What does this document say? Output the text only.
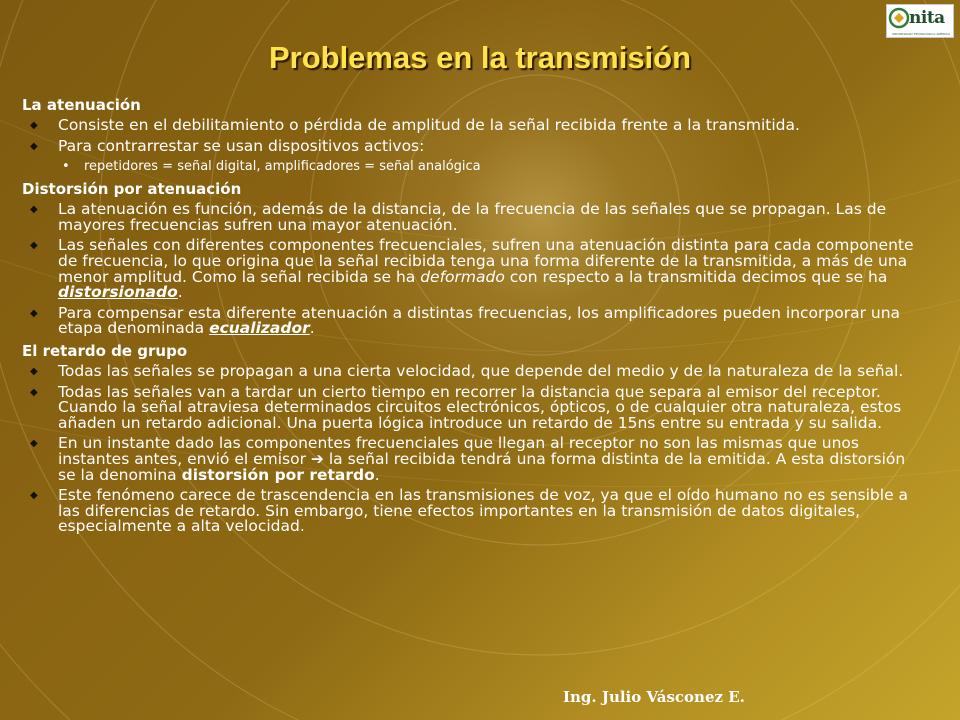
nita
UNIVERSIDAD TECNOLÓGICA AMÉRICA
Problemas en la transmisión
La atenuación
◆ Consiste en el debilitamiento o pérdida de amplitud de la señal recibida frente a la transmitida.
◆ Para contrarrestar se usan dispositivos activos:
• repetidores = señal digital, amplificadores = señal analógica
Distorsión por atenuación
◆ La atenuación es función, además de la distancia, de la frecuencia de las señales que se propagan. Las de mayores frecuencias sufren una mayor atenuación.
◆ Las señales con diferentes componentes frecuenciales, sufren una atenuación distinta para cada componente de frecuencia, lo que origina que la señal recibida tenga una forma diferente de la transmitida, a más de una menor amplitud. Como la señal recibida se ha deformado con respecto a la transmitida decimos que se ha distorsionado.
◆ Para compensar esta diferente atenuación a distintas frecuencias, los amplificadores pueden incorporar una etapa denominada ecualizador.
El retardo de grupo
◆ Todas las señales se propagan a una cierta velocidad, que depende del medio y de la naturaleza de la señal.
◆ Todas las señales van a tardar un cierto tiempo en recorrer la distancia que separa al emisor del receptor. Cuando la señal atraviesa determinados circuitos electrónicos, ópticos, o de cualquier otra naturaleza, estos añaden un retardo adicional. Una puerta lógica introduce un retardo de 15ns entre su entrada y su salida.
◆ En un instante dado las componentes frecuenciales que llegan al receptor no son las mismas que unos instantes antes, envió el emisor ➔ la señal recibida tendrá una forma distinta de la emitida. A esta distorsión se la denomina distorsión por retardo.
◆ Este fenómeno carece de trascendencia en las transmisiones de voz, ya que el oído humano no es sensible a las diferencias de retardo. Sin embargo, tiene efectos importantes en la transmisión de datos digitales, especialmente a alta velocidad.
Ing. Julio Vásconez E.
